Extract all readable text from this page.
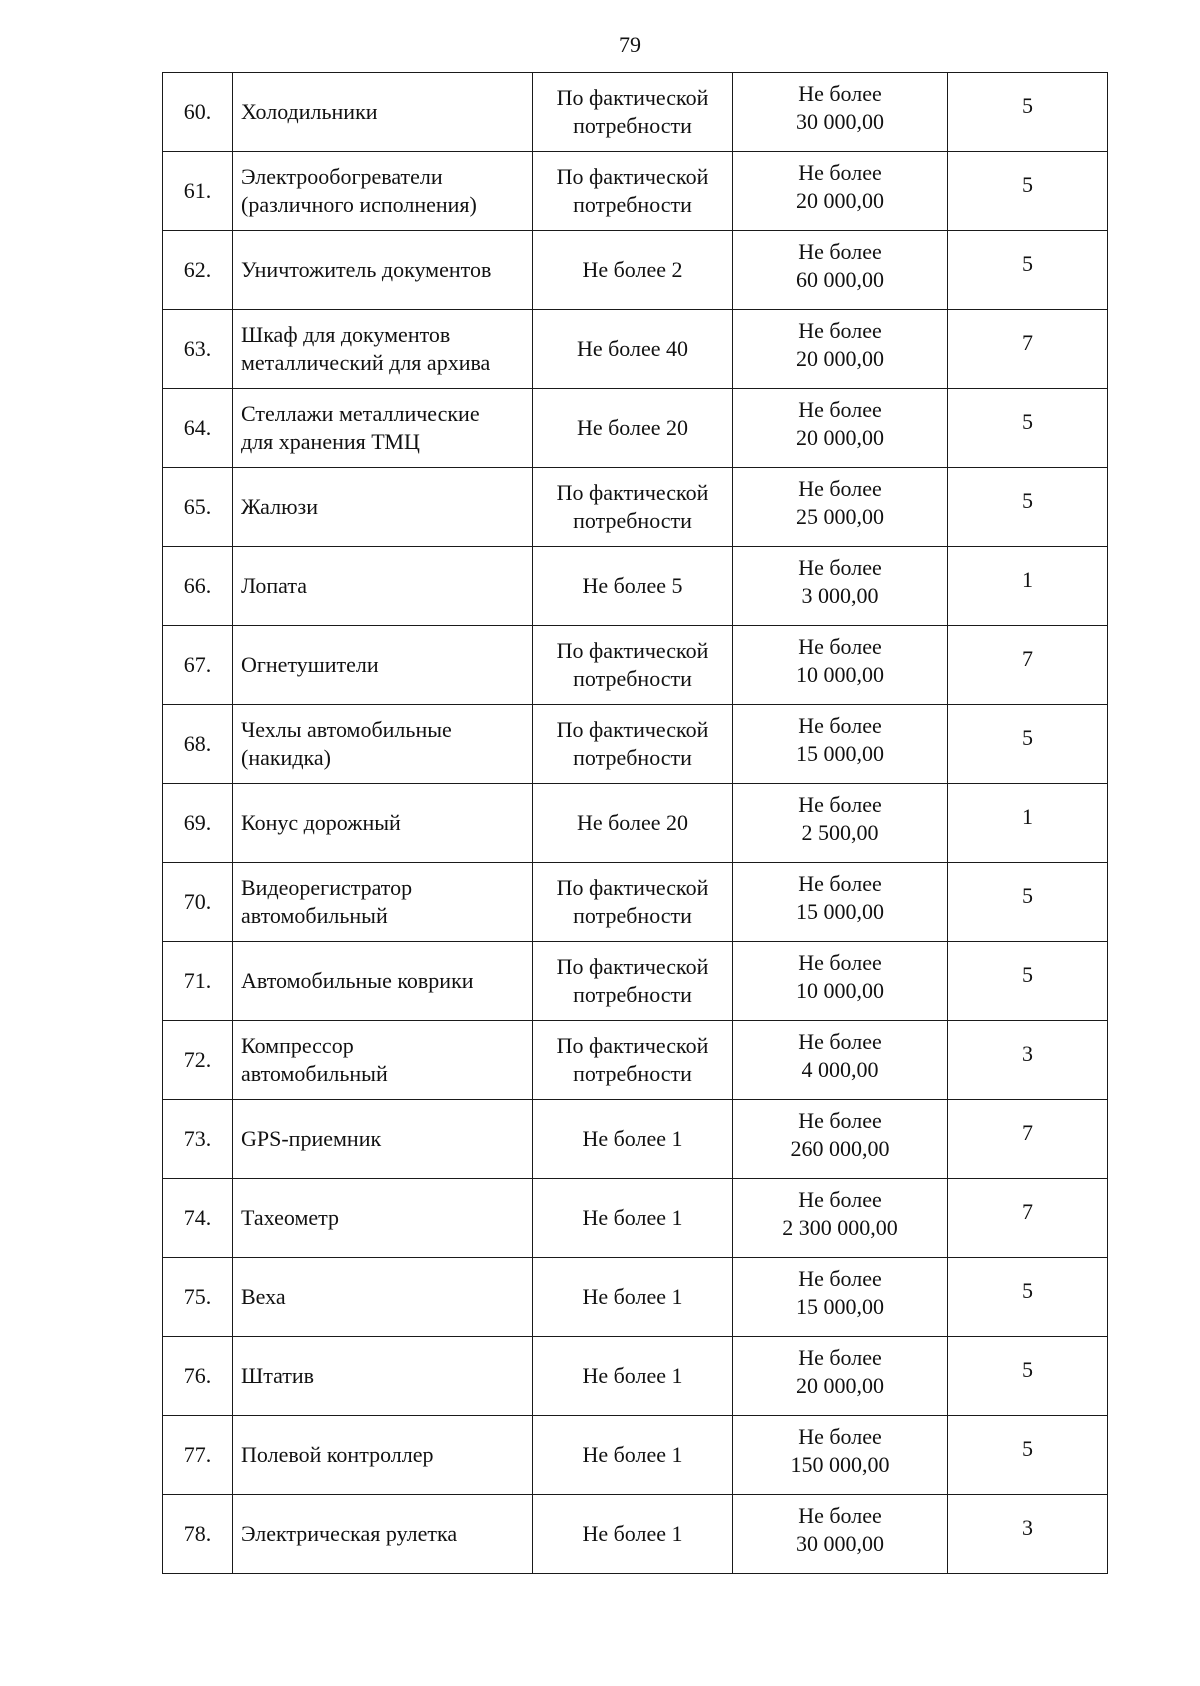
79
60.	Холодильники	По фактической
потребности	Не более
30 000,00	5
61.	Электрообогреватели
(различного исполнения)	По фактической
потребности	Не более
20 000,00	5
62.	Уничтожитель документов	Не более 2	Не более
60 000,00	5
63.	Шкаф для документов
металлический для архива	Не более 40	Не более
20 000,00	7
64.	Стеллажи металлические
для хранения ТМЦ	Не более 20	Не более
20 000,00	5
65.	Жалюзи	По фактической
потребности	Не более
25 000,00	5
66.	Лопата	Не более 5	Не более
3 000,00	1
67.	Огнетушители	По фактической
потребности	Не более
10 000,00	7
68.	Чехлы автомобильные
(накидка)	По фактической
потребности	Не более
15 000,00	5
69.	Конус дорожный	Не более 20	Не более
2 500,00	1
70.	Видеорегистратор
автомобильный	По фактической
потребности	Не более
15 000,00	5
71.	Автомобильные коврики	По фактической
потребности	Не более
10 000,00	5
72.	Компрессор
автомобильный	По фактической
потребности	Не более
4 000,00	3
73.	GPS-приемник	Не более 1	Не более
260 000,00	7
74.	Тахеометр	Не более 1	Не более
2 300 000,00	7
75.	Веха	Не более 1	Не более
15 000,00	5
76.	Штатив	Не более 1	Не более
20 000,00	5
77.	Полевой контроллер	Не более 1	Не более
150 000,00	5
78.	Электрическая рулетка	Не более 1	Не более
30 000,00	3
